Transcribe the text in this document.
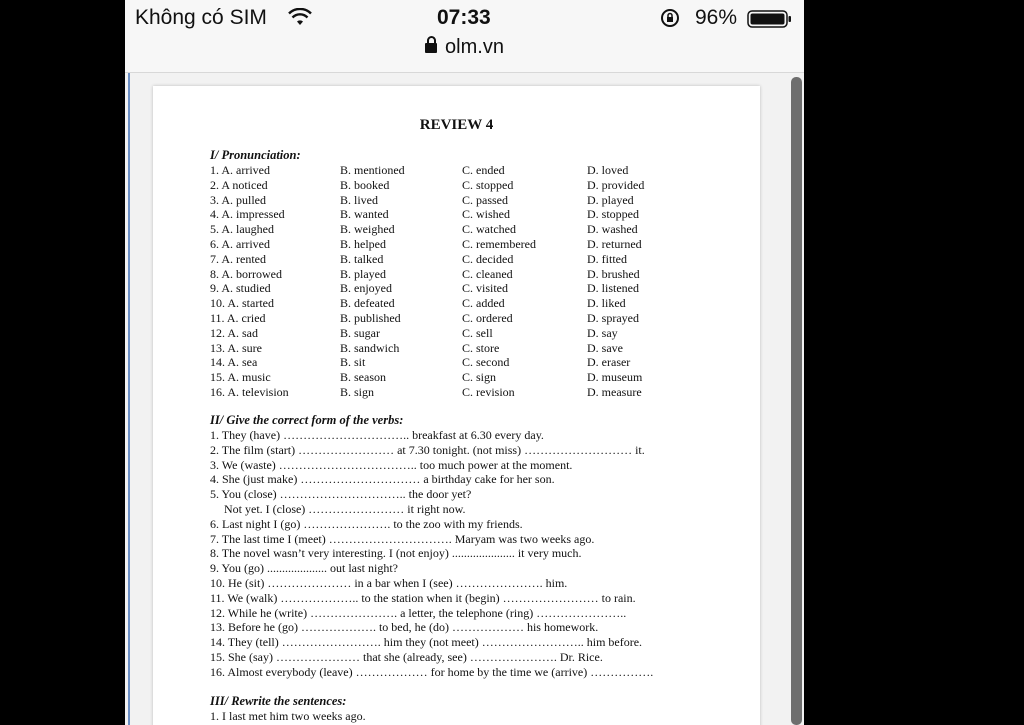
Không có SIM	07:33	96%
olm.vn
REVIEW 4
I/ Pronunciation:
1. A. arrived	B. mentioned	C. ended	D. loved
2. A noticed	B. booked	C. stopped	D. provided
3. A. pulled	B. lived	C. passed	D. played
4. A. impressed	B. wanted	C. wished	D. stopped
5. A. laughed	B. weighed	C. watched	D. washed
6. A. arrived	B. helped	C. remembered	D. returned
7. A. rented	B. talked	C. decided	D. fitted
8. A. borrowed	B. played	C. cleaned	D. brushed
9. A. studied	B. enjoyed	C. visited	D. listened
10. A. started	B. defeated	C. added	D. liked
11. A. cried	B. published	C. ordered	D. sprayed
12. A. sad	B. sugar	C. sell	D. say
13. A. sure	B. sandwich	C. store	D. save
14. A. sea	B. sit	C. second	D. eraser
15. A. music	B. season	C. sign	D. museum
16. A. television	B. sign	C. revision	D. measure
II/ Give the correct form of the verbs:
1. They (have) ………………………….. breakfast at 6.30 every day.
2. The film (start) …………………… at 7.30 tonight. (not miss) ……………………… it.
3. We (waste) …………………………….. too much power at the moment.
4. She (just make) ………………………… a birthday cake for her son.
5. You (close) ………………………….. the door yet?
Not yet. I (close) …………………… it right now.
6. Last night I (go) …………………. to the zoo with my friends.
7. The last time I (meet) …………………………. Maryam was two weeks ago.
8. The novel wasn’t very interesting. I (not enjoy) ..................... it very much.
9. You (go) .................... out last night?
10. He (sit) ………………… in a bar when I (see) …………………. him.
11. We (walk) ……………….. to the station when it (begin) …………………… to rain.
12. While he (write) …………………. a letter, the telephone (ring) …………………..
13. Before he (go) ………………. to bed, he (do) ……………… his homework.
14. They (tell) ……………………. him they (not meet) …………………….. him before.
15. She (say) ………………… that she (already, see) …………………. Dr. Rice.
16. Almost everybody (leave) ……………… for home by the time we (arrive) …………….
III/ Rewrite the sentences:
1. I last met him two weeks ago.
